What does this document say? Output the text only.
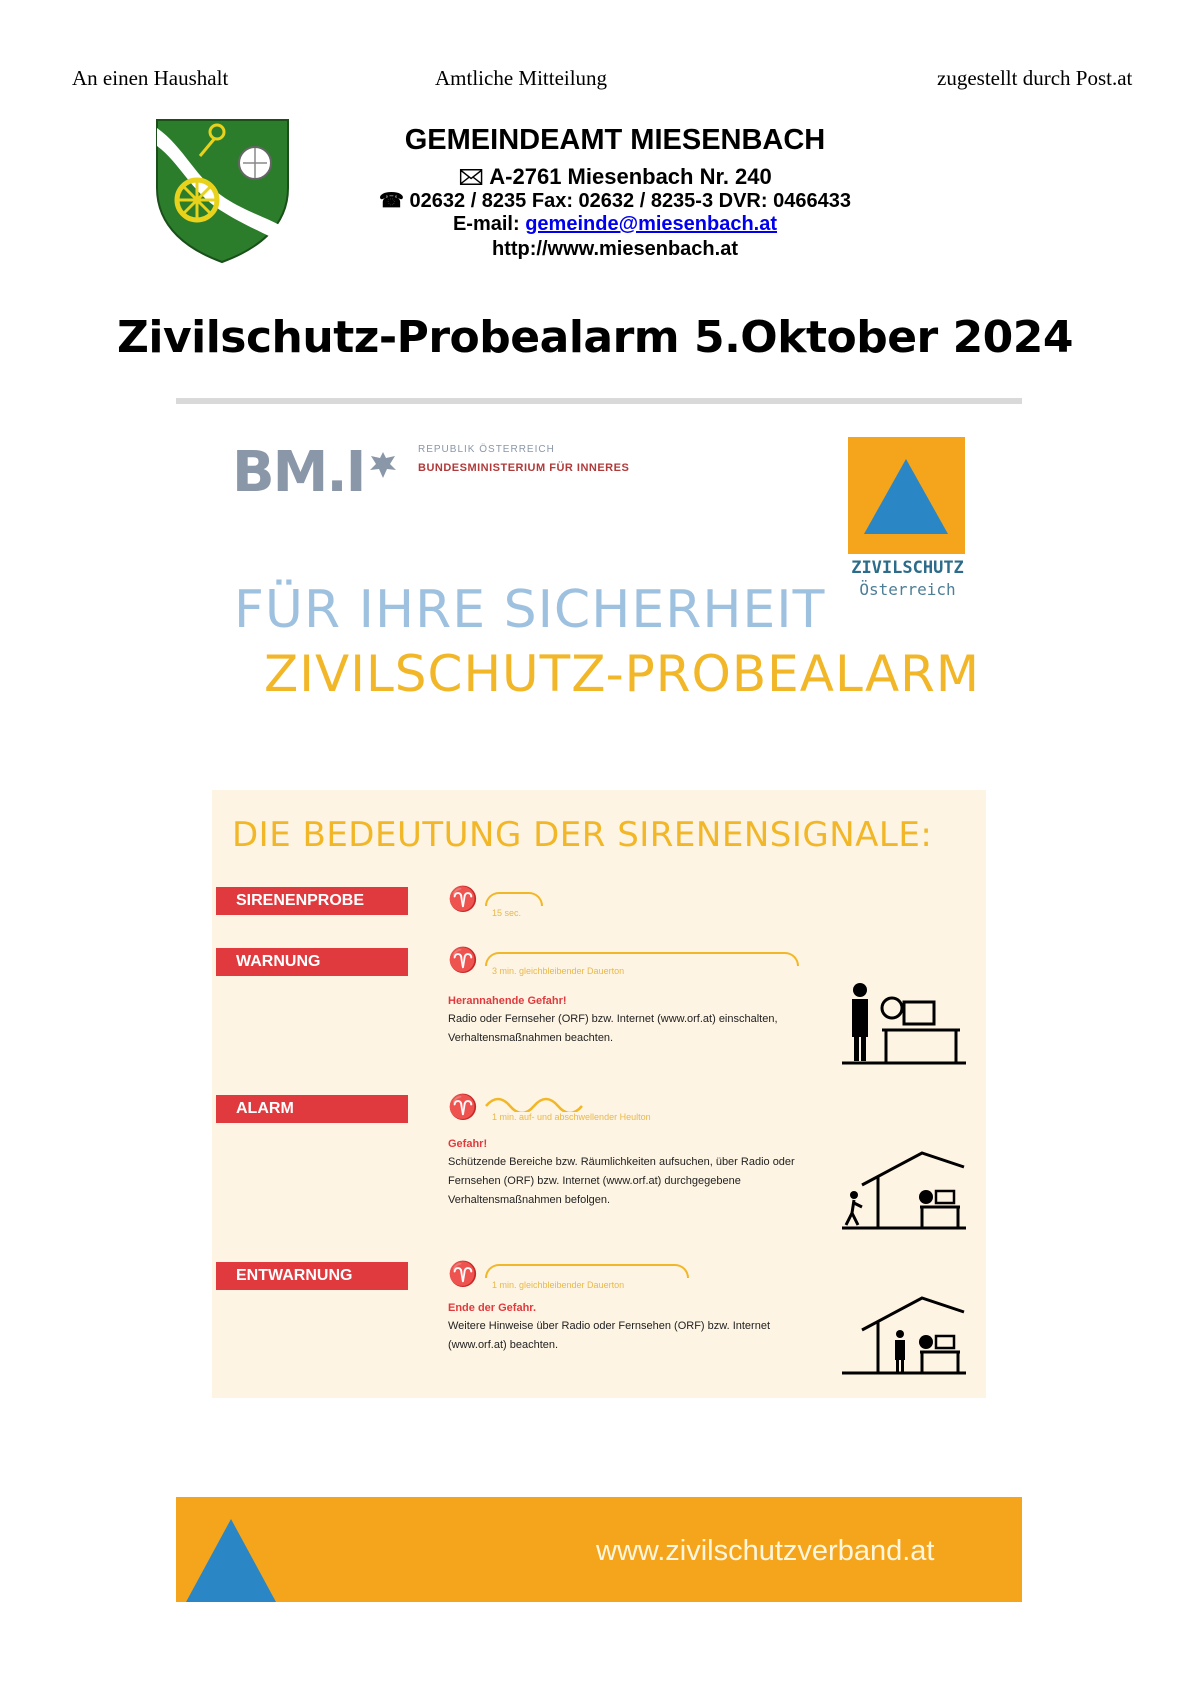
An einen Haushalt	Amtliche Mitteilung	zugestellt durch Post.at
GEMEINDEAMT MIESENBACH
🖂 A-2761 Miesenbach Nr. 240
☎ 02632 / 8235 Fax: 02632 / 8235-3 DVR: 0466433
E-mail: gemeinde@miesenbach.at
http://www.miesenbach.at
Zivilschutz-Probealarm 5.Oktober 2024
BM.I	REPUBLIK ÖSTERREICH
BUNDESMINISTERIUM FÜR INNERES
ZIVILSCHUTZ
Österreich
FÜR IHRE SICHERHEIT
ZIVILSCHUTZ-PROBEALARM
DIE BEDEUTUNG DER SIRENENSIGNALE:
SIRENENPROBE	♈ 15 sec.
WARNUNG	♈ 3 min. gleichbleibender Dauerton
Herannahende Gefahr!
Radio oder Fernseher (ORF) bzw. Internet (www.orf.at) einschalten, Verhaltensmaßnahmen beachten.
ALARM	♈ 1 min. auf- und abschwellender Heulton
Gefahr!
Schützende Bereiche bzw. Räumlichkeiten aufsuchen, über Radio oder Fernsehen (ORF) bzw. Internet (www.orf.at) durchgegebene Verhaltensmaßnahmen befolgen.
ENTWARNUNG	♈ 1 min. gleichbleibender Dauerton
Ende der Gefahr.
Weitere Hinweise über Radio oder Fernsehen (ORF) bzw. Internet (www.orf.at) beachten.
www.zivilschutzverband.at
